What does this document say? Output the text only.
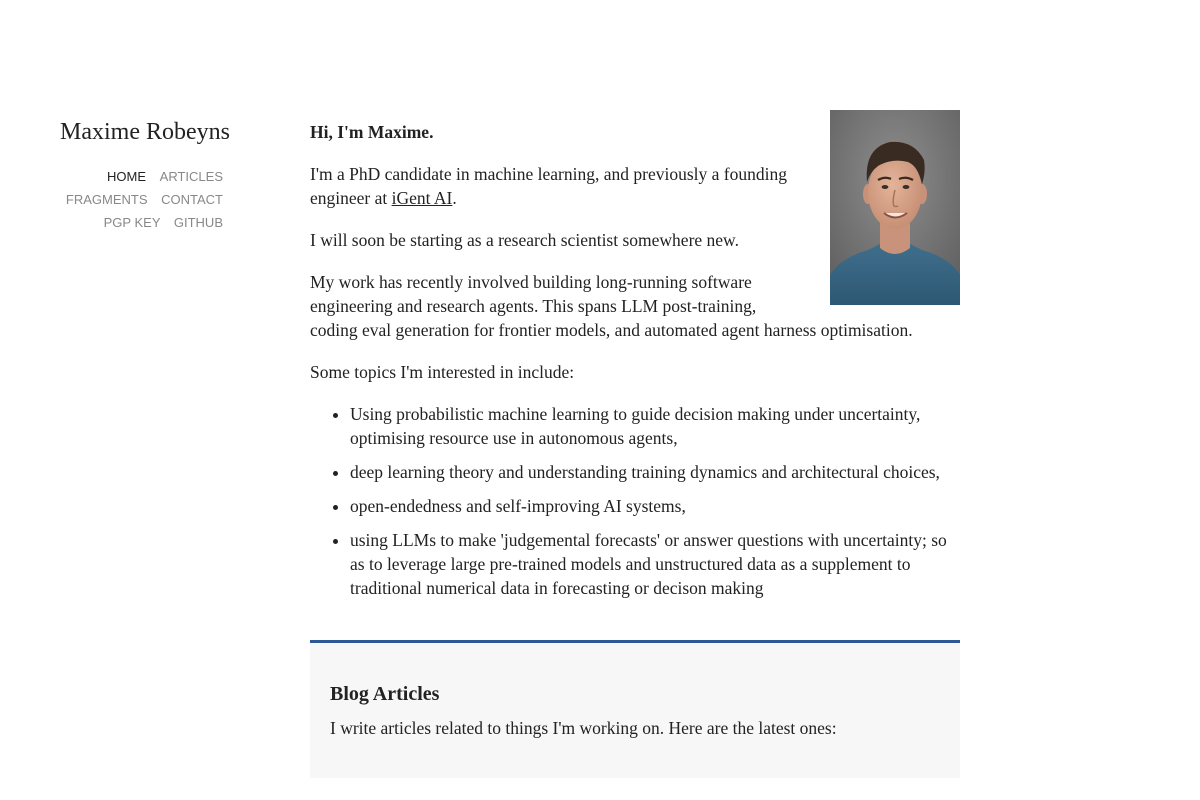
Maxime Robeyns
HOME ARTICLES
FRAGMENTS CONTACT
PGP KEY GITHUB

Hi, I'm Maxime.

I'm a PhD candidate in machine learning, and previously a founding engineer at iGent AI.

I will soon be starting as a research scientist somewhere new.

My work has recently involved building long-running software engineering and research agents. This spans LLM post-training, coding eval generation for frontier models, and automated agent harness optimisation.

Some topics I'm interested in include:

• Using probabilistic machine learning to guide decision making under uncertainty, optimising resource use in autonomous agents,
• deep learning theory and understanding training dynamics and architectural choices,
• open-endedness and self-improving AI systems,
• using LLMs to make 'judgemental forecasts' or answer questions with uncertainty; so as to leverage large pre-trained models and unstructured data as a supplement to traditional numerical data in forecasting or decison making
Blog Articles

I write articles related to things I'm working on. Here are the latest ones:
